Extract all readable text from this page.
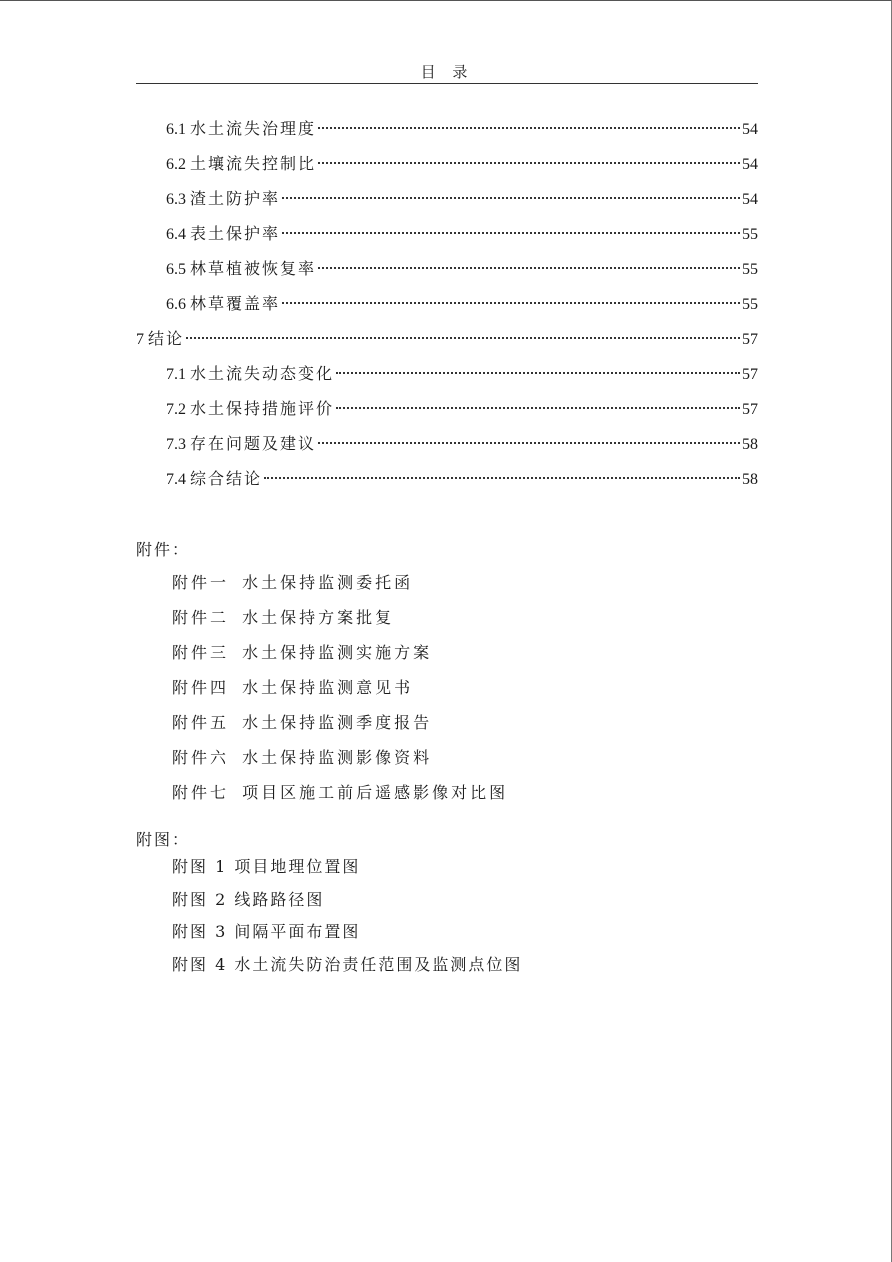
目 录
6.1 水土流失治理度	54
6.2 土壤流失控制比	54
6.3 渣土防护率	54
6.4 表土保护率	55
6.5 林草植被恢复率	55
6.6 林草覆盖率	55
7 结论	57
7.1 水土流失动态变化	57
7.2 水土保持措施评价	57
7.3 存在问题及建议	58
7.4 综合结论	58
附件：
附件一 水土保持监测委托函
附件二 水土保持方案批复
附件三 水土保持监测实施方案
附件四 水土保持监测意见书
附件五 水土保持监测季度报告
附件六 水土保持监测影像资料
附件七 项目区施工前后遥感影像对比图
附图：
附图 1 项目地理位置图
附图 2 线路路径图
附图 3 间隔平面布置图
附图 4 水土流失防治责任范围及监测点位图
